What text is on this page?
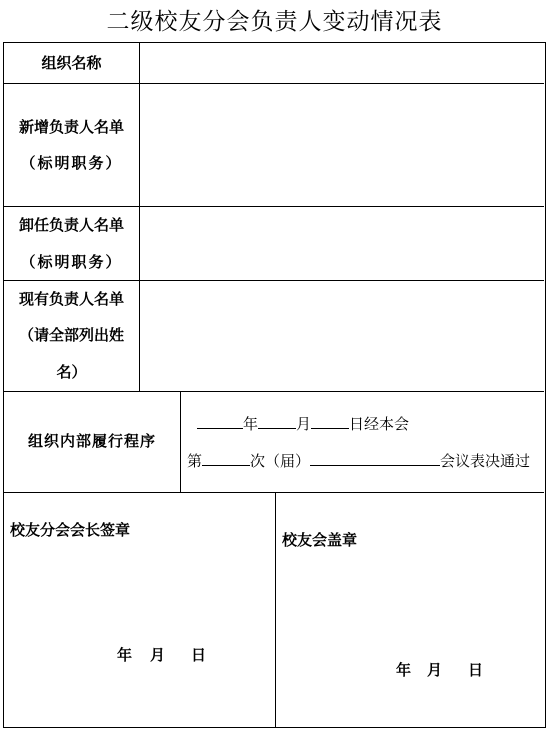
二级校友分会负责人变动情况表
组织名称
新增负责人名单
（标明职务）
卸任负责人名单
（标明职务）
现有负责人名单
（请全部列出姓
名）
组织内部履行程序
年	月	日经本会
第	次（届）	会议表决通过
校友分会会长签章
年 月 日
校友会盖章
年 月 日
